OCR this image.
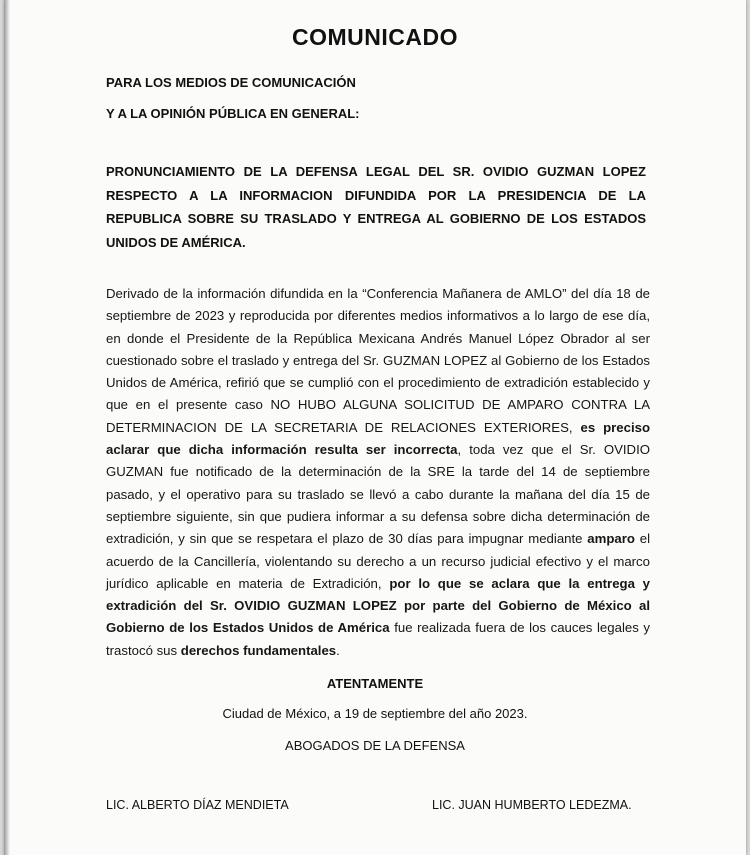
COMUNICADO
PARA LOS MEDIOS DE COMUNICACIÓN
Y A LA OPINIÓN PÚBLICA EN GENERAL:
PRONUNCIAMIENTO DE LA DEFENSA LEGAL DEL SR. OVIDIO GUZMAN LOPEZ RESPECTO A LA INFORMACION DIFUNDIDA POR LA PRESIDENCIA DE LA REPUBLICA SOBRE SU TRASLADO Y ENTREGA AL GOBIERNO DE LOS ESTADOS UNIDOS DE AMÉRICA.
Derivado de la información difundida en la “Conferencia Mañanera de AMLO” del día 18 de septiembre de 2023 y reproducida por diferentes medios informativos a lo largo de ese día, en donde el Presidente de la República Mexicana Andrés Manuel López Obrador al ser cuestionado sobre el traslado y entrega del Sr. GUZMAN LOPEZ al Gobierno de los Estados Unidos de América, refirió que se cumplió con el procedimiento de extradición establecido y que en el presente caso NO HUBO ALGUNA SOLICITUD DE AMPARO CONTRA LA DETERMINACION DE LA SECRETARIA DE RELACIONES EXTERIORES, es preciso aclarar que dicha información resulta ser incorrecta, toda vez que el Sr. OVIDIO GUZMAN fue notificado de la determinación de la SRE la tarde del 14 de septiembre pasado, y el operativo para su traslado se llevó a cabo durante la mañana del día 15 de septiembre siguiente, sin que pudiera informar a su defensa sobre dicha determinación de extradición, y sin que se respetara el plazo de 30 días para impugnar mediante amparo el acuerdo de la Cancillería, violentando su derecho a un recurso judicial efectivo y el marco jurídico aplicable en materia de Extradición, por lo que se aclara que la entrega y extradición del Sr. OVIDIO GUZMAN LOPEZ por parte del Gobierno de México al Gobierno de los Estados Unidos de América fue realizada fuera de los cauces legales y trastocó sus derechos fundamentales.
ATENTAMENTE
Ciudad de México, a 19 de septiembre del año 2023.
ABOGADOS DE LA DEFENSA
LIC. ALBERTO DÍAZ MENDIETA	LIC. JUAN HUMBERTO LEDEZMA.
